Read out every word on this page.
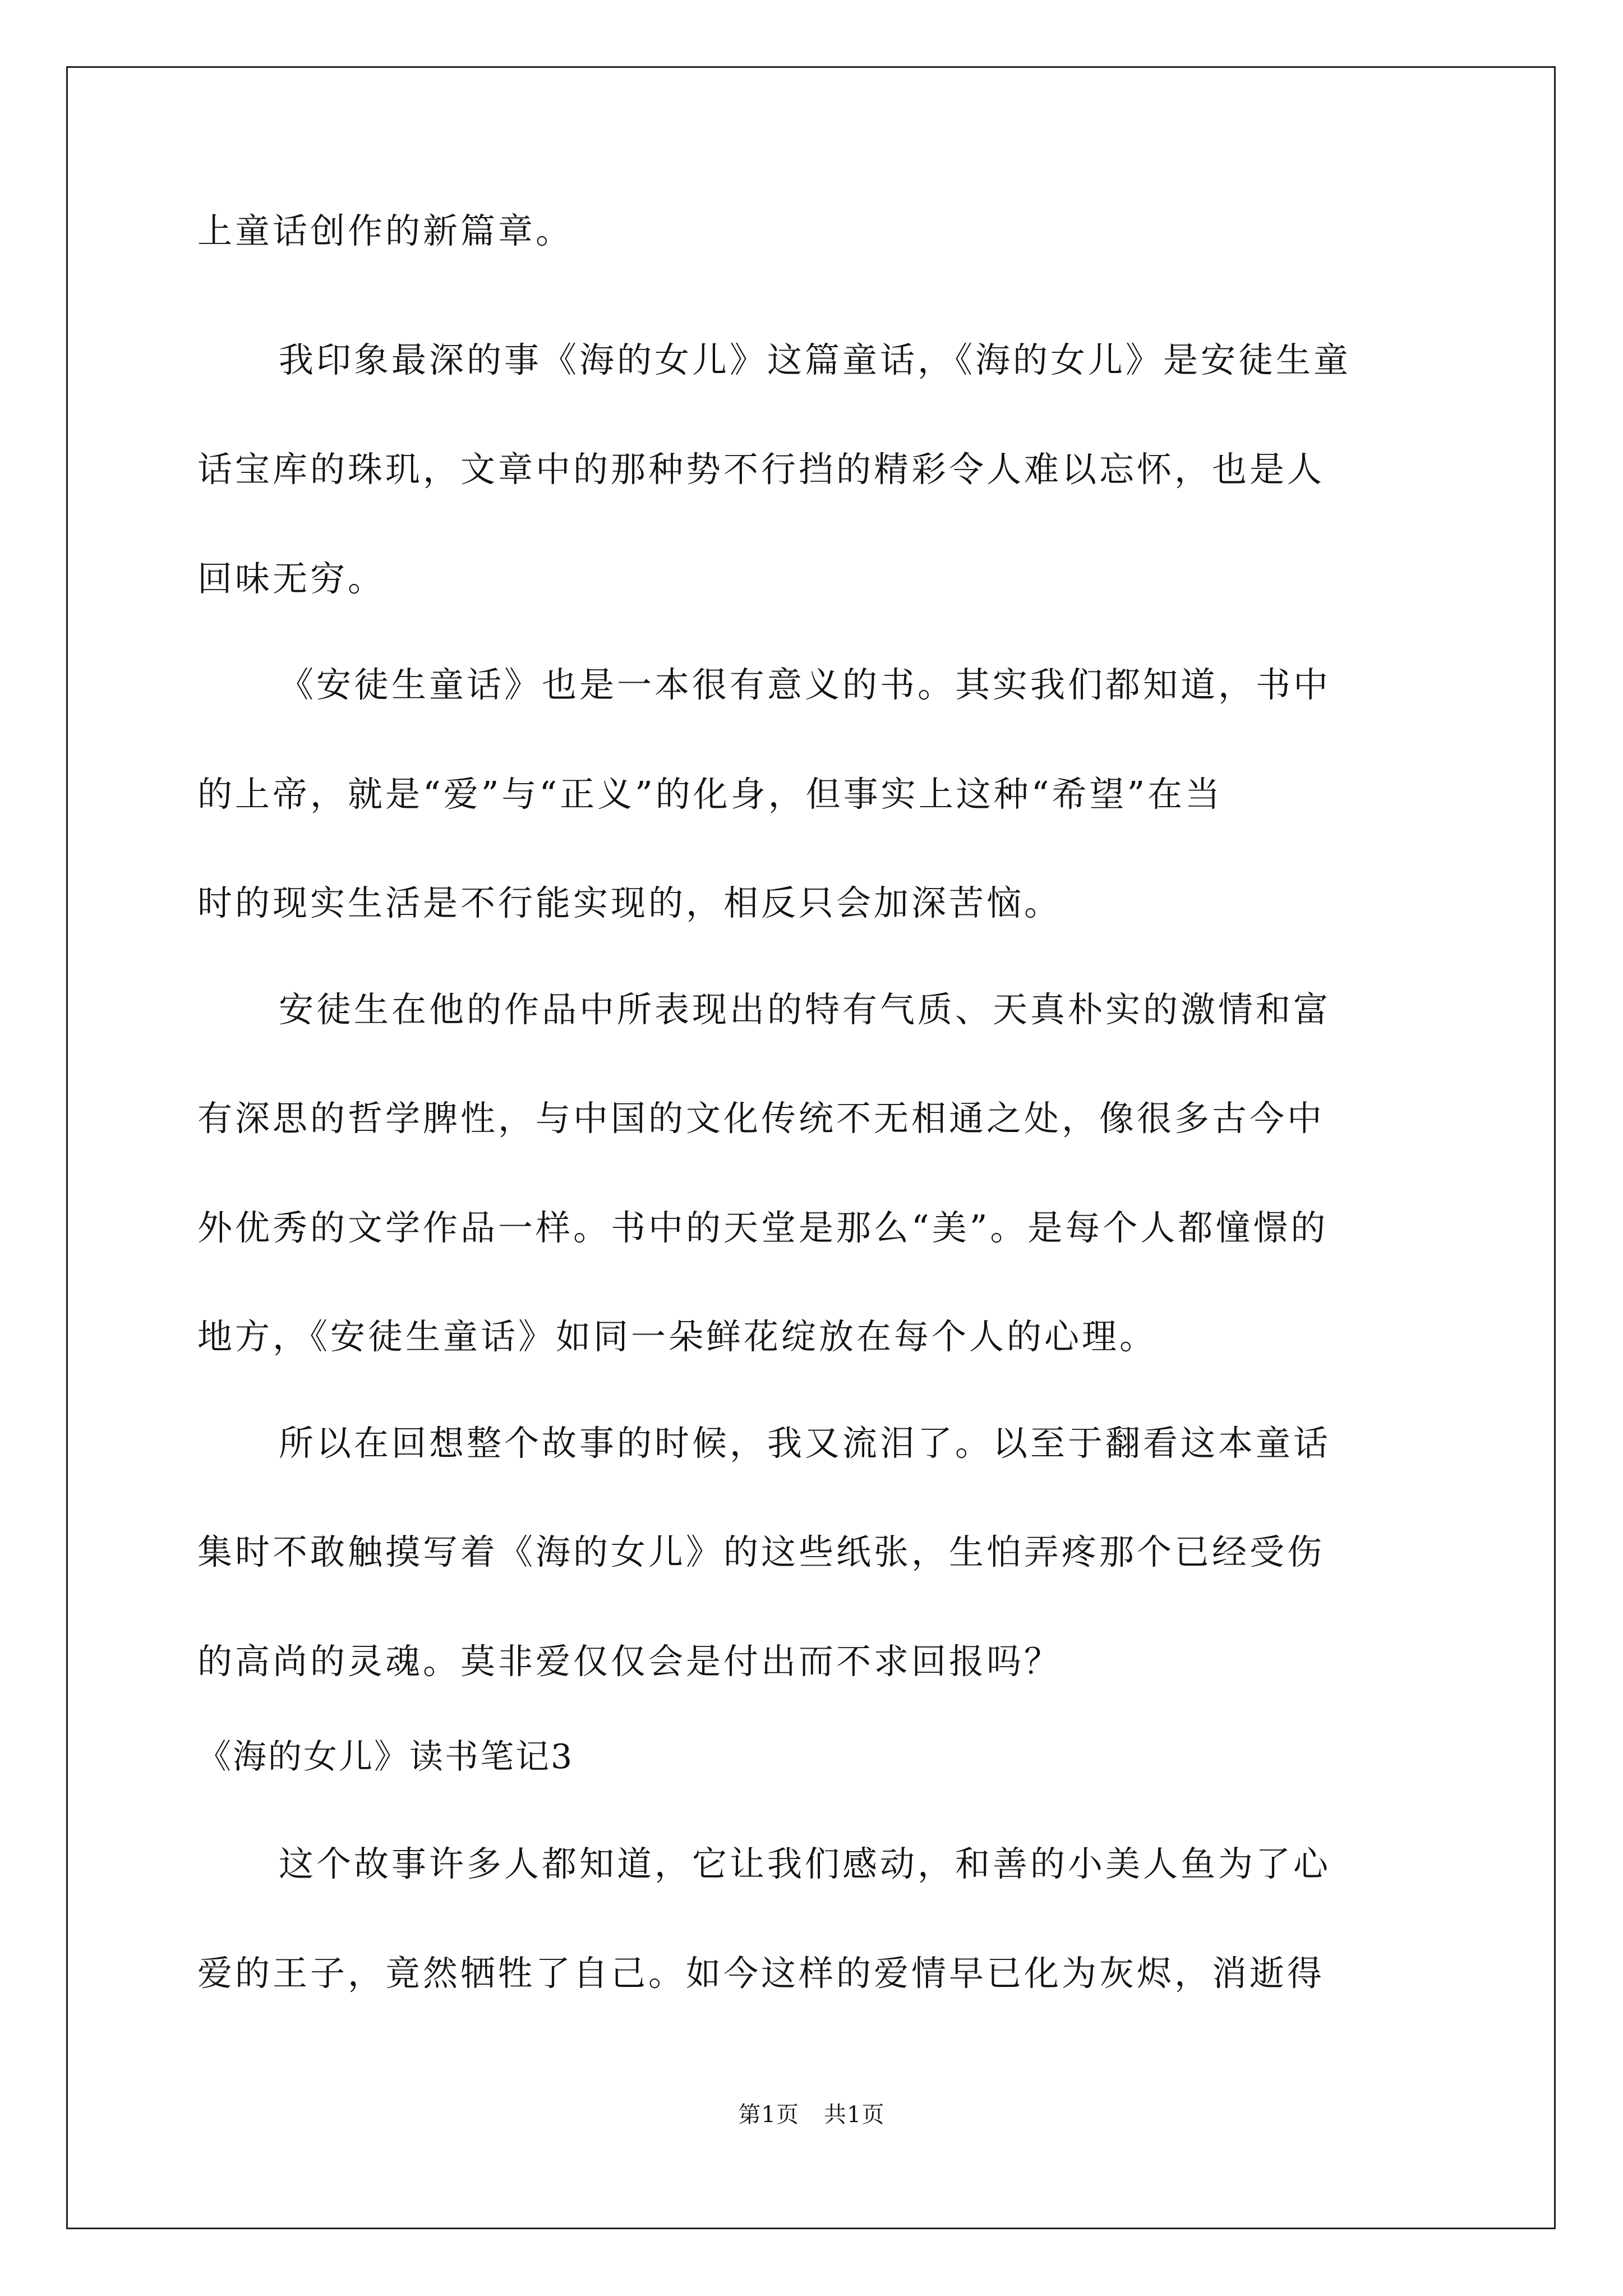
上童话创作的新篇章。
我印象最深的事《海的女儿》这篇童话，《海的女儿》是安徒生童
话宝库的珠玑，文章中的那种势不行挡的精彩令人难以忘怀，也是人
回味无穷。
《安徒生童话》也是一本很有意义的书。其实我们都知道，书中
的上帝，就是“爱”与“正义”的化身，但事实上这种“希望”在当
时的现实生活是不行能实现的，相反只会加深苦恼。
安徒生在他的作品中所表现出的特有气质、天真朴实的激情和富
有深思的哲学脾性，与中国的文化传统不无相通之处，像很多古今中
外优秀的文学作品一样。书中的天堂是那么“美”。是每个人都憧憬的
地方，《安徒生童话》如同一朵鲜花绽放在每个人的心理。
所以在回想整个故事的时候，我又流泪了。以至于翻看这本童话
集时不敢触摸写着《海的女儿》的这些纸张，生怕弄疼那个已经受伤
的高尚的灵魂。莫非爱仅仅会是付出而不求回报吗？
《海的女儿》读书笔记3
这个故事许多人都知道，它让我们感动，和善的小美人鱼为了心
爱的王子，竟然牺牲了自己。如今这样的爱情早已化为灰烬，消逝得
第1页 共1页
